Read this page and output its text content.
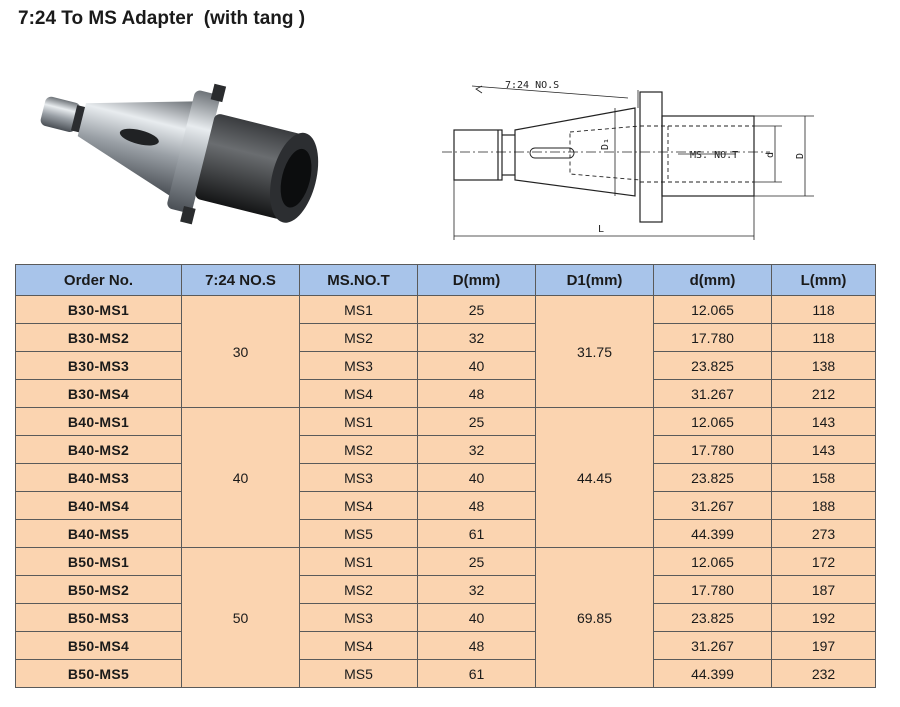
7:24 To MS Adapter  (with tang )
7:24 NO.S
D₁
MS. NO.T	d D
L
Order No.	7:24 NO.S	MS.NO.T	D(mm)	D1(mm)	d(mm)	L(mm)
B30-MS1	30	MS1	25	31.75	12.065	118
B30-MS2		MS2	32		17.780	118
B30-MS3		MS3	40		23.825	138
B30-MS4		MS4	48		31.267	212
B40-MS1	40	MS1	25	44.45	12.065	143
B40-MS2		MS2	32		17.780	143
B40-MS3		MS3	40		23.825	158
B40-MS4		MS4	48		31.267	188
B40-MS5		MS5	61		44.399	273
B50-MS1	50	MS1	25	69.85	12.065	172
B50-MS2		MS2	32		17.780	187
B50-MS3		MS3	40		23.825	192
B50-MS4		MS4	48		31.267	197
B50-MS5		MS5	61		44.399	232
